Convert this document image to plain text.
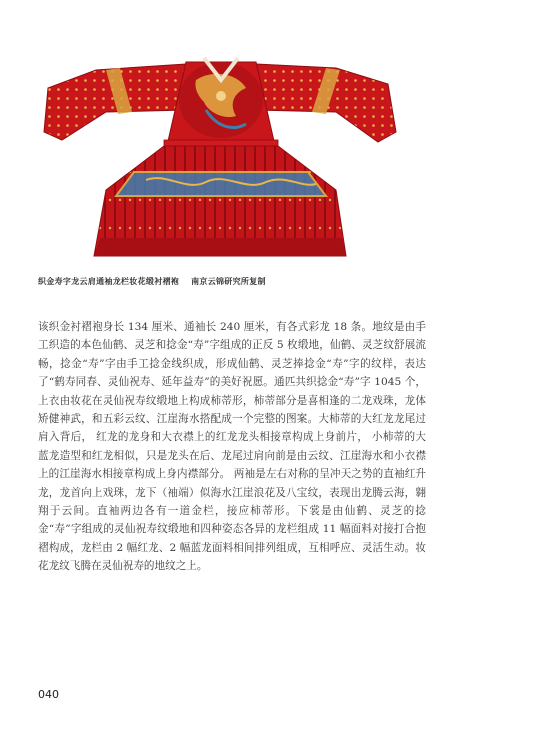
织金寿字龙云肩通袖龙栏妆花缎衬褶袍 南京云锦研究所复制
该织金衬褶袍身长 134 厘米、通袖长 240 厘米，有各式彩龙 18 条。地纹是由手工织造的本色仙鹤、灵芝和捻金“寿”字组成的正反 5 枚缎地，仙鹤、灵芝纹舒展流畅，捻金“寿”字由手工捻金线织成，形成仙鹤、灵芝捧捻金“寿”字的纹样，表达了“鹤寿同春、灵仙祝寿、延年益寿”的美好祝愿。通匹共织捻金“寿”字 1045 个，上衣由妆花在灵仙祝寿纹缎地上构成柿蒂形，柿蒂部分是喜相逢的二龙戏珠，龙体矫健神武，和五彩云纹、江崖海水搭配成一个完整的图案。大柿蒂的大红龙龙尾过肩入背后， 红龙的龙身和大衣襟上的红龙龙头相接章构成上身前片， 小柿蒂的大蓝龙造型和红龙相似，只是龙头在后、龙尾过肩向前是由云纹、江崖海水和小衣襟上的江崖海水相接章构成上身内襟部分。 两袖是左右对称的呈冲天之势的直袖红升龙，龙首向上戏珠，龙下（袖端）似海水江崖浪花及八宝纹，表现出龙腾云海，翱翔于云间。直袖两边各有一道金栏，接应柿蒂形。下裳是由仙鹤、灵芝的捻金“寿”字组成的灵仙祝寿纹缎地和四种姿态各异的龙栏组成 11 幅面料对接打合抱褶构成，龙栏由 2 幅红龙、2 幅蓝龙面料相间排列组成，互相呼应、灵活生动。妆花龙纹飞腾在灵仙祝寿的地纹之上。
040
